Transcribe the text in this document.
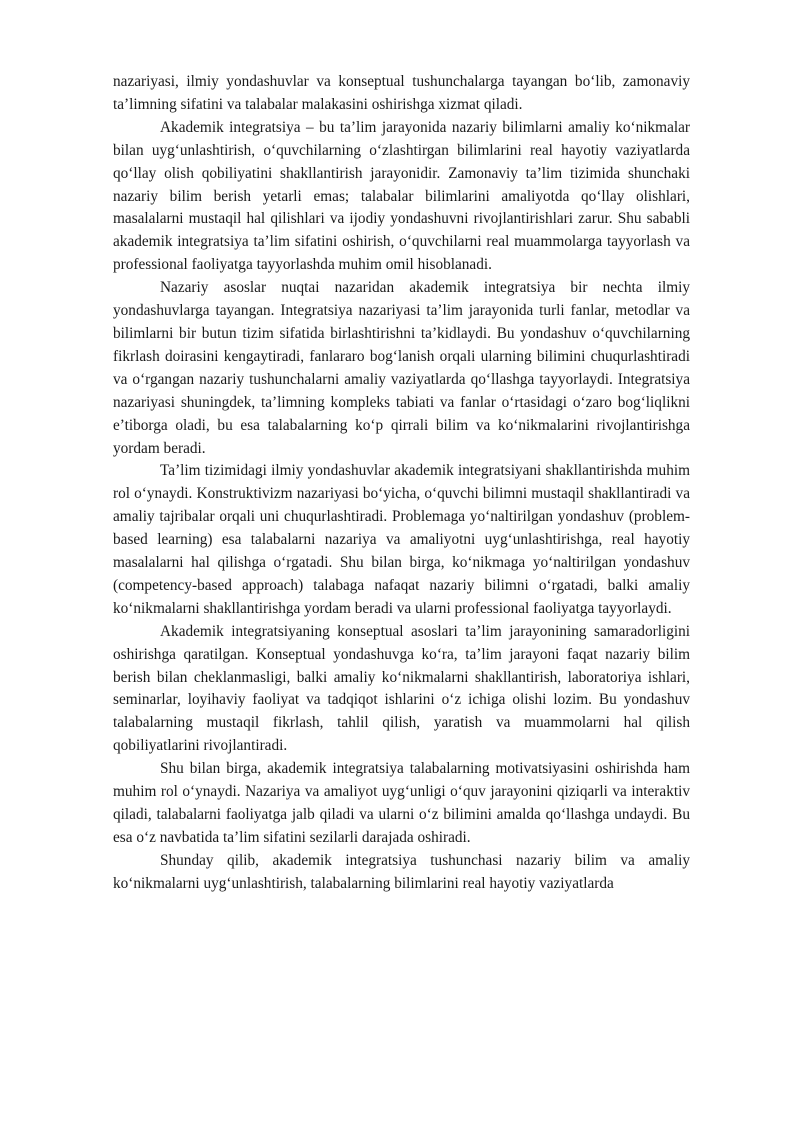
nazariyasi, ilmiy yondashuvlar va konseptual tushunchalarga tayangan bo‘lib, zamonaviy ta’limning sifatini va talabalar malakasini oshirishga xizmat qiladi.

Akademik integratsiya – bu ta’lim jarayonida nazariy bilimlarni amaliy ko‘nikmalar bilan uyg‘unlashtirish, o‘quvchilarning o‘zlashtirgan bilimlarini real hayotiy vaziyatlarda qo‘llay olish qobiliyatini shakllantirish jarayonidir. Zamonaviy ta’lim tizimida shunchaki nazariy bilim berish yetarli emas; talabalar bilimlarini amaliyotda qo‘llay olishlari, masalalarni mustaqil hal qilishlari va ijodiy yondashuvni rivojlantirishlari zarur. Shu sababli akademik integratsiya ta’lim sifatini oshirish, o‘quvchilarni real muammolarga tayyorlash va professional faoliyatga tayyorlashda muhim omil hisoblanadi.

Nazariy asoslar nuqtai nazaridan akademik integratsiya bir nechta ilmiy yondashuvlarga tayangan. Integratsiya nazariyasi ta’lim jarayonida turli fanlar, metodlar va bilimlarni bir butun tizim sifatida birlashtirishni ta’kidlaydi. Bu yondashuv o‘quvchilarning fikrlash doirasini kengaytiradi, fanlararo bog‘lanish orqali ularning bilimini chuqurlashtiradi va o‘rgangan nazariy tushunchalarni amaliy vaziyatlarda qo‘llashga tayyorlaydi. Integratsiya nazariyasi shuningdek, ta’limning kompleks tabiati va fanlar o‘rtasidagi o‘zaro bog‘liqlikni e’tiborga oladi, bu esa talabalarning ko‘p qirrali bilim va ko‘nikmalarini rivojlantirishga yordam beradi.

Ta’lim tizimidagi ilmiy yondashuvlar akademik integratsiyani shakllantirishda muhim rol o‘ynaydi. Konstruktivizm nazariyasi bo‘yicha, o‘quvchi bilimni mustaqil shakllantiradi va amaliy tajribalar orqali uni chuqurlashtiradi. Problemaga yo‘naltirilgan yondashuv (problem-based learning) esa talabalarni nazariya va amaliyotni uyg‘unlashtirishga, real hayotiy masalalarni hal qilishga o‘rgatadi. Shu bilan birga, ko‘nikmaga yo‘naltirilgan yondashuv (competency-based approach) talabaga nafaqat nazariy bilimni o‘rgatadi, balki amaliy ko‘nikmalarni shakllantirishga yordam beradi va ularni professional faoliyatga tayyorlaydi.

Akademik integratsiyaning konseptual asoslari ta’lim jarayonining samaradorligini oshirishga qaratilgan. Konseptual yondashuvga ko‘ra, ta’lim jarayoni faqat nazariy bilim berish bilan cheklanmasligi, balki amaliy ko‘nikmalarni shakllantirish, laboratoriya ishlari, seminarlar, loyihaviy faoliyat va tadqiqot ishlarini o‘z ichiga olishi lozim. Bu yondashuv talabalarning mustaqil fikrlash, tahlil qilish, yaratish va muammolarni hal qilish qobiliyatlarini rivojlantiradi.

Shu bilan birga, akademik integratsiya talabalarning motivatsiyasini oshirishda ham muhim rol o‘ynaydi. Nazariya va amaliyot uyg‘unligi o‘quv jarayonini qiziqarli va interaktiv qiladi, talabalarni faoliyatga jalb qiladi va ularni o‘z bilimini amalda qo‘llashga undaydi. Bu esa o‘z navbatida ta’lim sifatini sezilarli darajada oshiradi.

Shunday qilib, akademik integratsiya tushunchasi nazariy bilim va amaliy ko‘nikmalarni uyg‘unlashtirish, talabalarning bilimlarini real hayotiy vaziyatlarda
